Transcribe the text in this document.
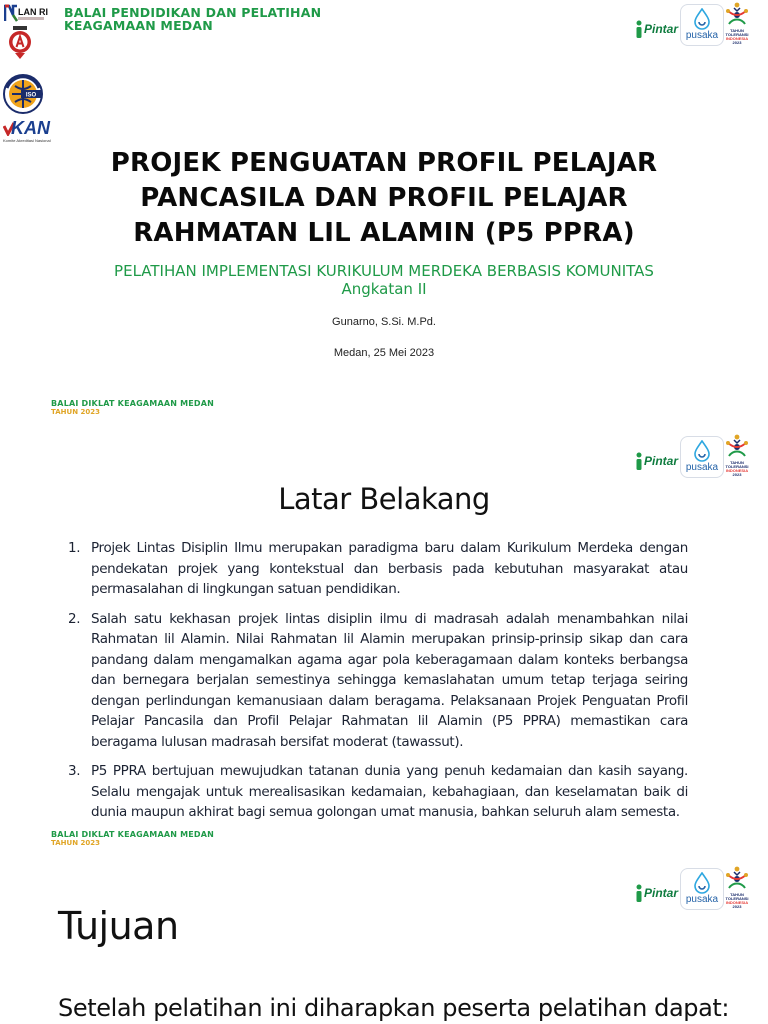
LAN RI
ISO
KAN
Komite Akreditasi Nasional
BALAI PENDIDIKAN DAN PELATIHAN
KEAGAMAAN MEDAN	Pintar pusaka	TAHUN
TOLERANSI
INDONESIA
2023
PROJEK PENGUATAN PROFIL PELAJAR
PANCASILA DAN PROFIL PELAJAR
RAHMATAN LIL ALAMIN (P5 PPRA)
PELATIHAN IMPLEMENTASI KURIKULUM MERDEKA BERBASIS KOMUNITAS
Angkatan II
Gunarno, S.Si. M.Pd.
Medan, 25 Mei 2023
BALAI DIKLAT KEAGAMAAN MEDAN
TAHUN 2023
Pintar pusaka	TAHUN
TOLERANSI
INDONESIA
2023
Latar Belakang
1. Projek Lintas Disiplin Ilmu merupakan paradigma baru dalam Kurikulum Merdeka dengan pendekatan projek yang kontekstual dan berbasis pada kebutuhan masyarakat atau permasalahan di lingkungan satuan pendidikan.
2. Salah satu kekhasan projek lintas disiplin ilmu di madrasah adalah menambahkan nilai Rahmatan lil Alamin. Nilai Rahmatan lil Alamin merupakan prinsip-prinsip sikap dan cara pandang dalam mengamalkan agama agar pola keberagamaan dalam konteks berbangsa dan bernegara berjalan semestinya sehingga kemaslahatan umum tetap terjaga seiring dengan perlindungan kemanusiaan dalam beragama. Pelaksanaan Projek Penguatan Profil Pelajar Pancasila dan Profil Pelajar Rahmatan lil Alamin (P5 PPRA) memastikan cara beragama lulusan madrasah bersifat moderat (tawassut).
3. P5 PPRA bertujuan mewujudkan tatanan dunia yang penuh kedamaian dan kasih sayang. Selalu mengajak untuk merealisasikan kedamaian, kebahagiaan, dan keselamatan baik di dunia maupun akhirat bagi semua golongan umat manusia, bahkan seluruh alam semesta.
BALAI DIKLAT KEAGAMAAN MEDAN
TAHUN 2023
Pintar pusaka	TAHUN
TOLERANSI
INDONESIA
2023
Tujuan
Setelah pelatihan ini diharapkan peserta pelatihan dapat:
